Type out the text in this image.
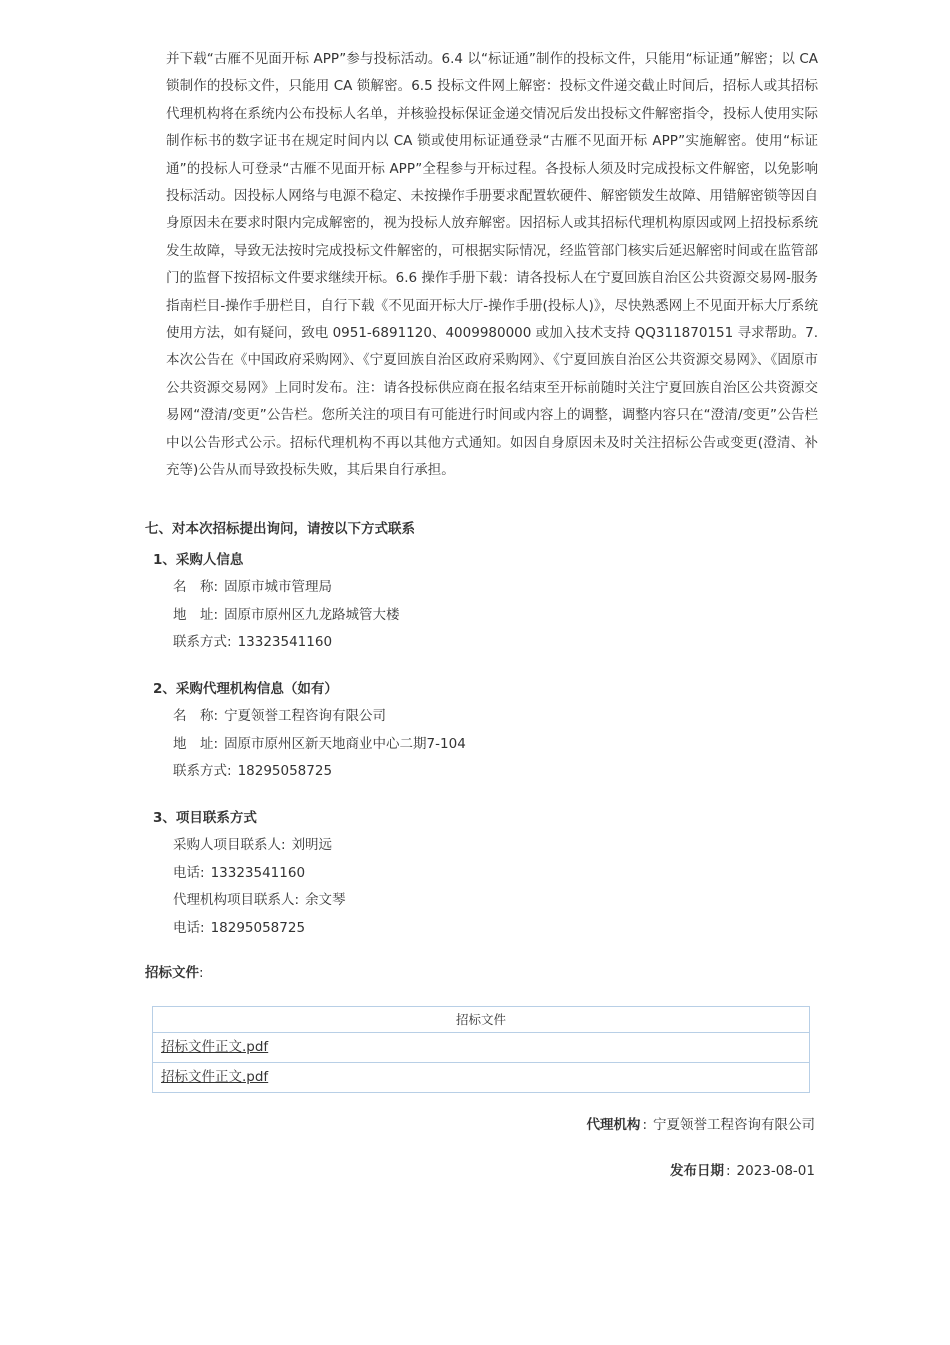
并下载“古雁不见面开标 APP”参与投标活动。6.4 以“标证通”制作的投标文件，只能用“标证通”解密；以 CA 锁制作的投标文件，只能用 CA 锁解密。6.5 投标文件网上解密：投标文件递交截止时间后，招标人或其招标代理机构将在系统内公布投标人名单，并核验投标保证金递交情况后发出投标文件解密指令，投标人使用实际制作标书的数字证书在规定时间内以 CA 锁或使用标证通登录“古雁不见面开标 APP”实施解密。使用“标证通”的投标人可登录“古雁不见面开标 APP”全程参与开标过程。各投标人须及时完成投标文件解密，以免影响投标活动。因投标人网络与电源不稳定、未按操作手册要求配置软硬件、解密锁发生故障、用错解密锁等因自身原因未在要求时限内完成解密的，视为投标人放弃解密。因招标人或其招标代理机构原因或网上招投标系统发生故障，导致无法按时完成投标文件解密的，可根据实际情况，经监管部门核实后延迟解密时间或在监管部门的监督下按招标文件要求继续开标。6.6 操作手册下载：请各投标人在宁夏回族自治区公共资源交易网-服务指南栏目-操作手册栏目，自行下载《不见面开标大厅-操作手册(投标人)》，尽快熟悉网上不见面开标大厅系统使用方法，如有疑问，致电 0951-6891120、4009980000 或加入技术支持 QQ311870151 寻求帮助。7.本次公告在《中国政府采购网》、《宁夏回族自治区政府采购网》、《宁夏回族自治区公共资源交易网》、《固原市公共资源交易网》上同时发布。注：请各投标供应商在报名结束至开标前随时关注宁夏回族自治区公共资源交易网“澄清/变更”公告栏。您所关注的项目有可能进行时间或内容上的调整，调整内容只在“澄清/变更”公告栏中以公告形式公示。招标代理机构不再以其他方式通知。如因自身原因未及时关注招标公告或变更(澄清、补充等)公告从而导致投标失败，其后果自行承担。

七、对本次招标提出询问，请按以下方式联系

1、采购人信息

名　称: 固原市城市管理局
地　址: 固原市原州区九龙路城管大楼
联系方式: 13323541160

2、采购代理机构信息（如有）

名　称: 宁夏领誉工程咨询有限公司
地　址: 固原市原州区新天地商业中心二期7-104
联系方式: 18295058725

3、项目联系方式

采购人项目联系人: 刘明远
电话: 13323541160
代理机构项目联系人: 余文琴
电话: 18295058725

招标文件:

招标文件
招标文件正文.pdf
招标文件正文.pdf

代理机构 : 宁夏领誉工程咨询有限公司

发布日期 : 2023-08-01
